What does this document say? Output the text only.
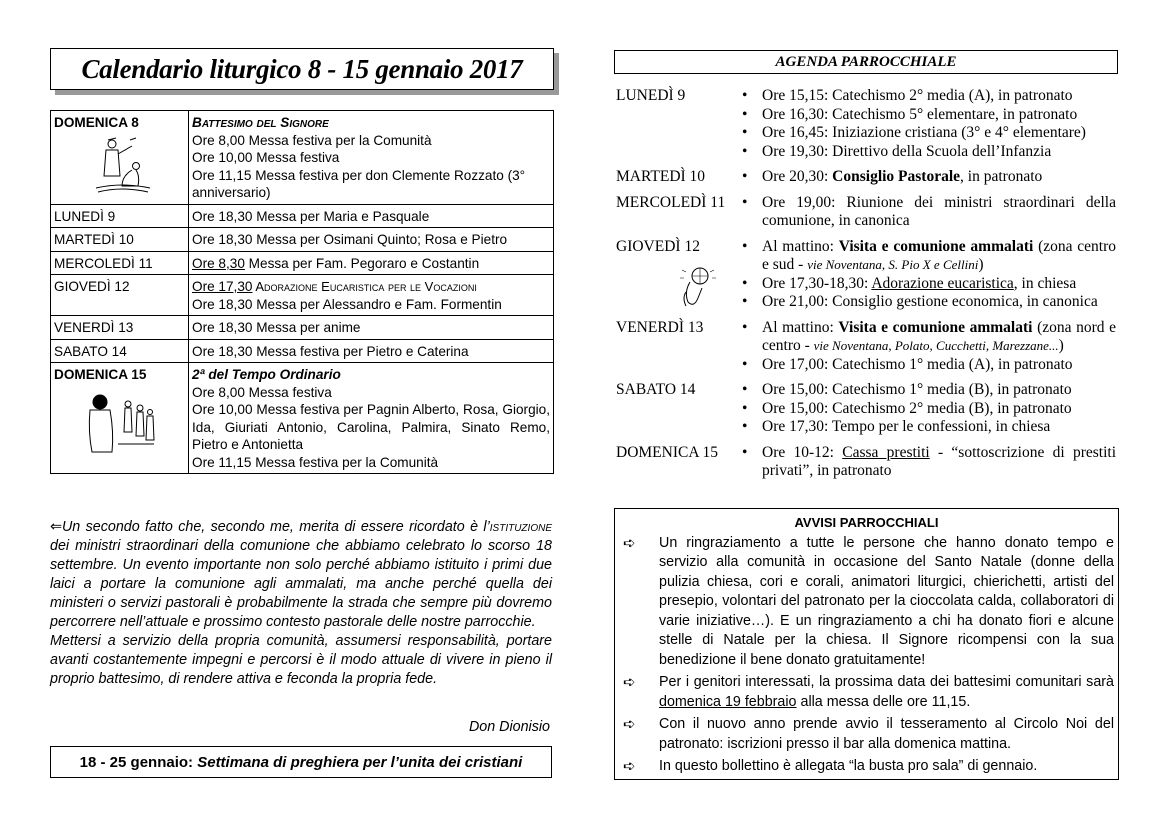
Calendario liturgico 8 - 15 gennaio 2017
DOMENICA 8	Battesimo del Signore
Ore 8,00 Messa festiva per la Comunità
Ore 10,00 Messa festiva
Ore 11,15 Messa festiva per don Clemente Rozzato (3° anniversario)

LUNEDÌ 9	Ore 18,30 Messa per Maria e Pasquale
MARTEDÌ 10	Ore 18,30 Messa per Osimani Quinto; Rosa e Pietro
MERCOLEDÌ 11	Ore 8,30 Messa per Fam. Pegoraro e Costantin
GIOVEDÌ 12	Ore 17,30 Adorazione Eucaristica per le Vocazioni
Ore 18,30 Messa per Alessandro e Fam. Formentin

VENERDÌ 13	Ore 18,30 Messa per anime
SABATO 14	Ore 18,30 Messa festiva per Pietro e Caterina

DOMENICA 15	2ª del Tempo Ordinario
Ore 8,00 Messa festiva
Ore 10,00 Messa festiva per Pagnin Alberto, Rosa, Giorgio, Ida, Giuriati Antonio, Carolina, Palmira, Sinato Remo, Pietro e Antonietta
Ore 11,15 Messa festiva per la Comunità

⇐Un secondo fatto che, secondo me, merita di essere ricordato è l’istituzione dei ministri straordinari della comunione che abbiamo celebrato lo scorso 18 settembre. Un evento importante non solo perché abbiamo istituito i primi due laici a portare la comunione agli ammalati, ma anche perché quella dei ministeri o servizi pastorali è probabilmente la strada che sempre più dovremo percorrere nell’attuale e prossimo contesto pastorale delle nostre parrocchie.

Mettersi a servizio della propria comunità, assumersi responsabilità, portare avanti costantemente impegni e percorsi è il modo attuale di vivere in pieno il proprio battesimo, di rendere attiva e feconda la propria fede.

Don Dionisio
18 - 25 gennaio:
Settimana di preghiera per l’unita dei cristiani
AGENDA PARROCCHIALE
LUNEDÌ 9	• Ore 15,15: Catechismo 2° media (A), in patronato
• Ore 16,30: Catechismo 5° elementare, in patronato
• Ore 16,45: Iniziazione cristiana (3° e 4° elementare)
• Ore 19,30: Direttivo della Scuola dell’Infanzia
MARTEDÌ 10	• Ore 20,30: Consiglio Pastorale, in patronato
MERCOLEDÌ 11	• Ore 19,00: Riunione dei ministri straordinari della comunione, in canonica
GIOVEDÌ 12	• Al mattino: Visita e comunione ammalati (zona centro e sud - vie Noventana, S. Pio X e Cellini)
• Ore 17,30-18,30: Adorazione eucaristica, in chiesa
• Ore 21,00: Consiglio gestione economica, in canonica
VENERDÌ 13	• Al mattino: Visita e comunione ammalati (zona nord e centro - vie Noventana, Polato, Cucchetti, Marezzane...)
• Ore 17,00: Catechismo 1° media (A), in patronato
SABATO 14	• Ore 15,00: Catechismo 1° media (B), in patronato
• Ore 15,00: Catechismo 2° media (B), in patronato
• Ore 17,30: Tempo per le confessioni, in chiesa
DOMENICA 15	• Ore 10-12: Cassa prestiti - “sottoscrizione di prestiti privati”, in patronato
AVVISI PARROCCHIALI
➪ Un ringraziamento a tutte le persone che hanno donato tempo e servizio alla comunità in occasione del Santo Natale (donne della pulizia chiesa, cori e corali, animatori liturgici, chierichetti, artisti del presepio, volontari del patronato per la cioccolata calda, collaboratori di varie iniziative…). E un ringraziamento a chi ha donato fiori e alcune stelle di Natale per la chiesa. Il Signore ricompensi con la sua benedizione il bene donato gratuitamente!
➪ Per i genitori interessati, la prossima data dei battesimi comunitari sarà domenica 19 febbraio alla messa delle ore 11,15.
➪ Con il nuovo anno prende avvio il tesseramento al Circolo Noi del patronato: iscrizioni presso il bar alla domenica mattina.
➪ In questo bollettino è allegata “la busta pro sala” di gennaio.
